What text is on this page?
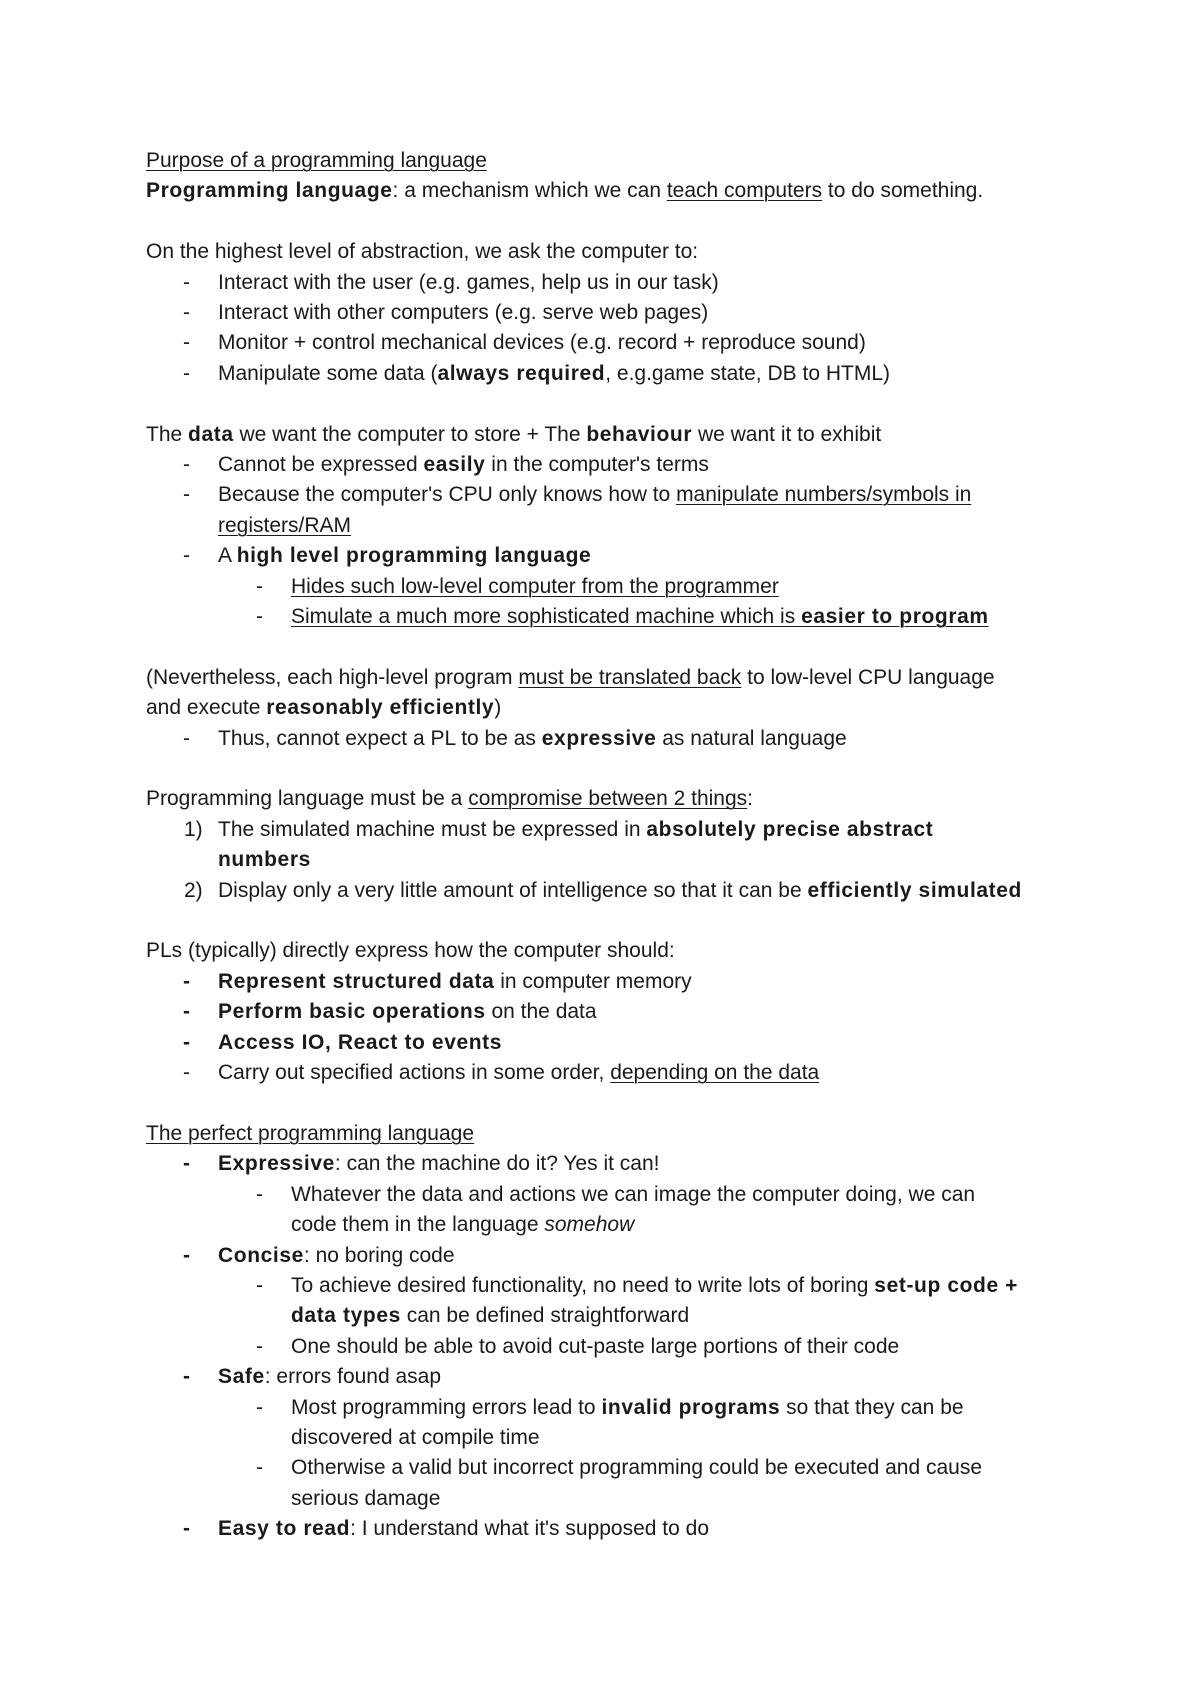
Purpose of a programming language
Programming language: a mechanism which we can teach computers to do something.
On the highest level of abstraction, we ask the computer to:
- Interact with the user (e.g. games, help us in our task)
- Interact with other computers (e.g. serve web pages)
- Monitor + control mechanical devices (e.g. record + reproduce sound)
- Manipulate some data (always required, e.g.game state, DB to HTML)
The data we want the computer to store + The behaviour we want it to exhibit
- Cannot be expressed easily in the computer's terms
- Because the computer's CPU only knows how to manipulate numbers/symbols in
registers/RAM
- A high level programming language
- Hides such low-level computer from the programmer
- Simulate a much more sophisticated machine which is easier to program
(Nevertheless, each high-level program must be translated back to low-level CPU language
and execute reasonably efficiently)
- Thus, cannot expect a PL to be as expressive as natural language
Programming language must be a compromise between 2 things:
1) The simulated machine must be expressed in absolutely precise abstract
numbers
2) Display only a very little amount of intelligence so that it can be efficiently simulated
PLs (typically) directly express how the computer should:
- Represent structured data in computer memory
- Perform basic operations on the data
- Access IO, React to events
- Carry out specified actions in some order, depending on the data
The perfect programming language
- Expressive: can the machine do it? Yes it can!
- Whatever the data and actions we can image the computer doing, we can
code them in the language somehow
- Concise: no boring code
- To achieve desired functionality, no need to write lots of boring set-up code +
data types can be defined straightforward
- One should be able to avoid cut-paste large portions of their code
- Safe: errors found asap
- Most programming errors lead to invalid programs so that they can be
discovered at compile time
- Otherwise a valid but incorrect programming could be executed and cause
serious damage
- Easy to read: I understand what it's supposed to do
